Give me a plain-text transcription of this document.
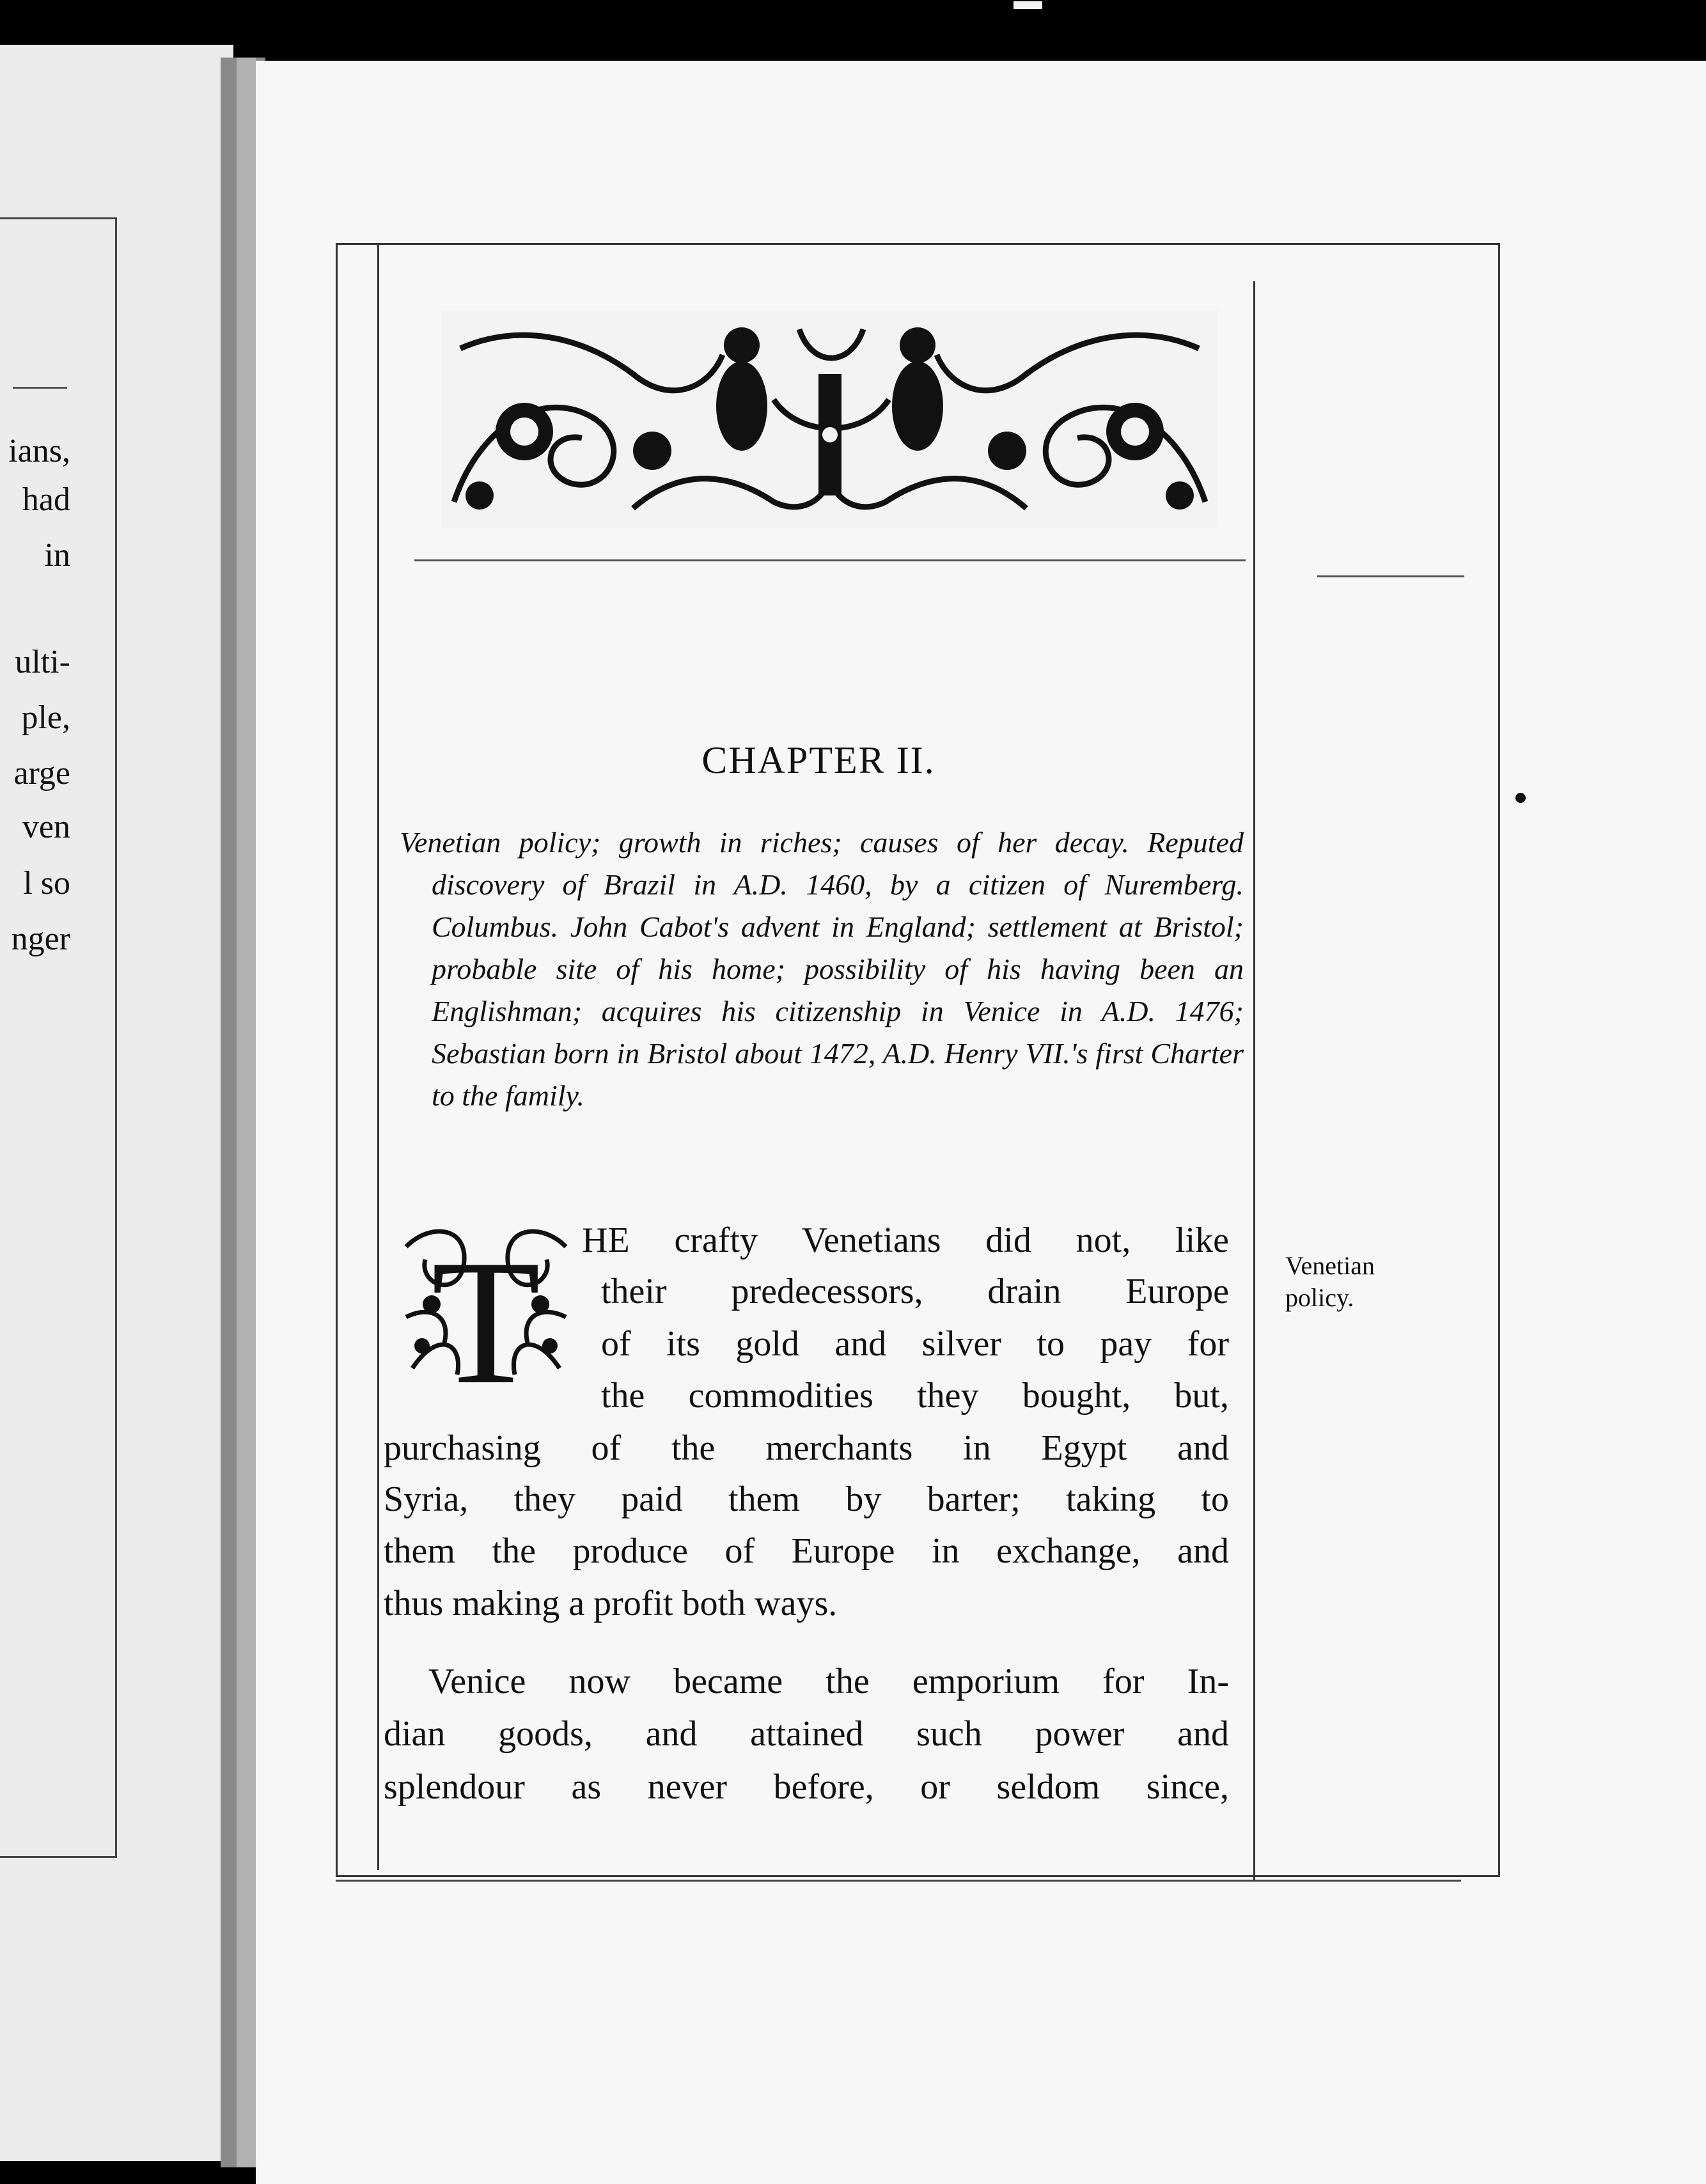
ians,
had
in
ulti-
ple,
arge
ven
l so
nger
CHAPTER II.
Venetian policy; growth in riches; causes of her decay. Reputed discovery of Brazil in A.D. 1460, by a citizen of Nuremberg. Columbus. John Cabot's advent in England; settlement at Bristol; probable site of his home; possibility of his having been an Englishman; acquires his citizenship in Venice in A.D. 1476; Sebastian born in Bristol about 1472, A.D. Henry VII.'s first Charter to the family.
T HE crafty Venetians did not, like
their predecessors, drain Europe
of its gold and silver to pay for
the commodities they bought, but,
purchasing of the merchants in Egypt and
Syria, they paid them by barter; taking to
them the produce of Europe in exchange, and
thus making a profit both ways.
Venice now became the emporium for In-
dian goods, and attained such power and
splendour as never before, or seldom since,
Venetian
policy.
